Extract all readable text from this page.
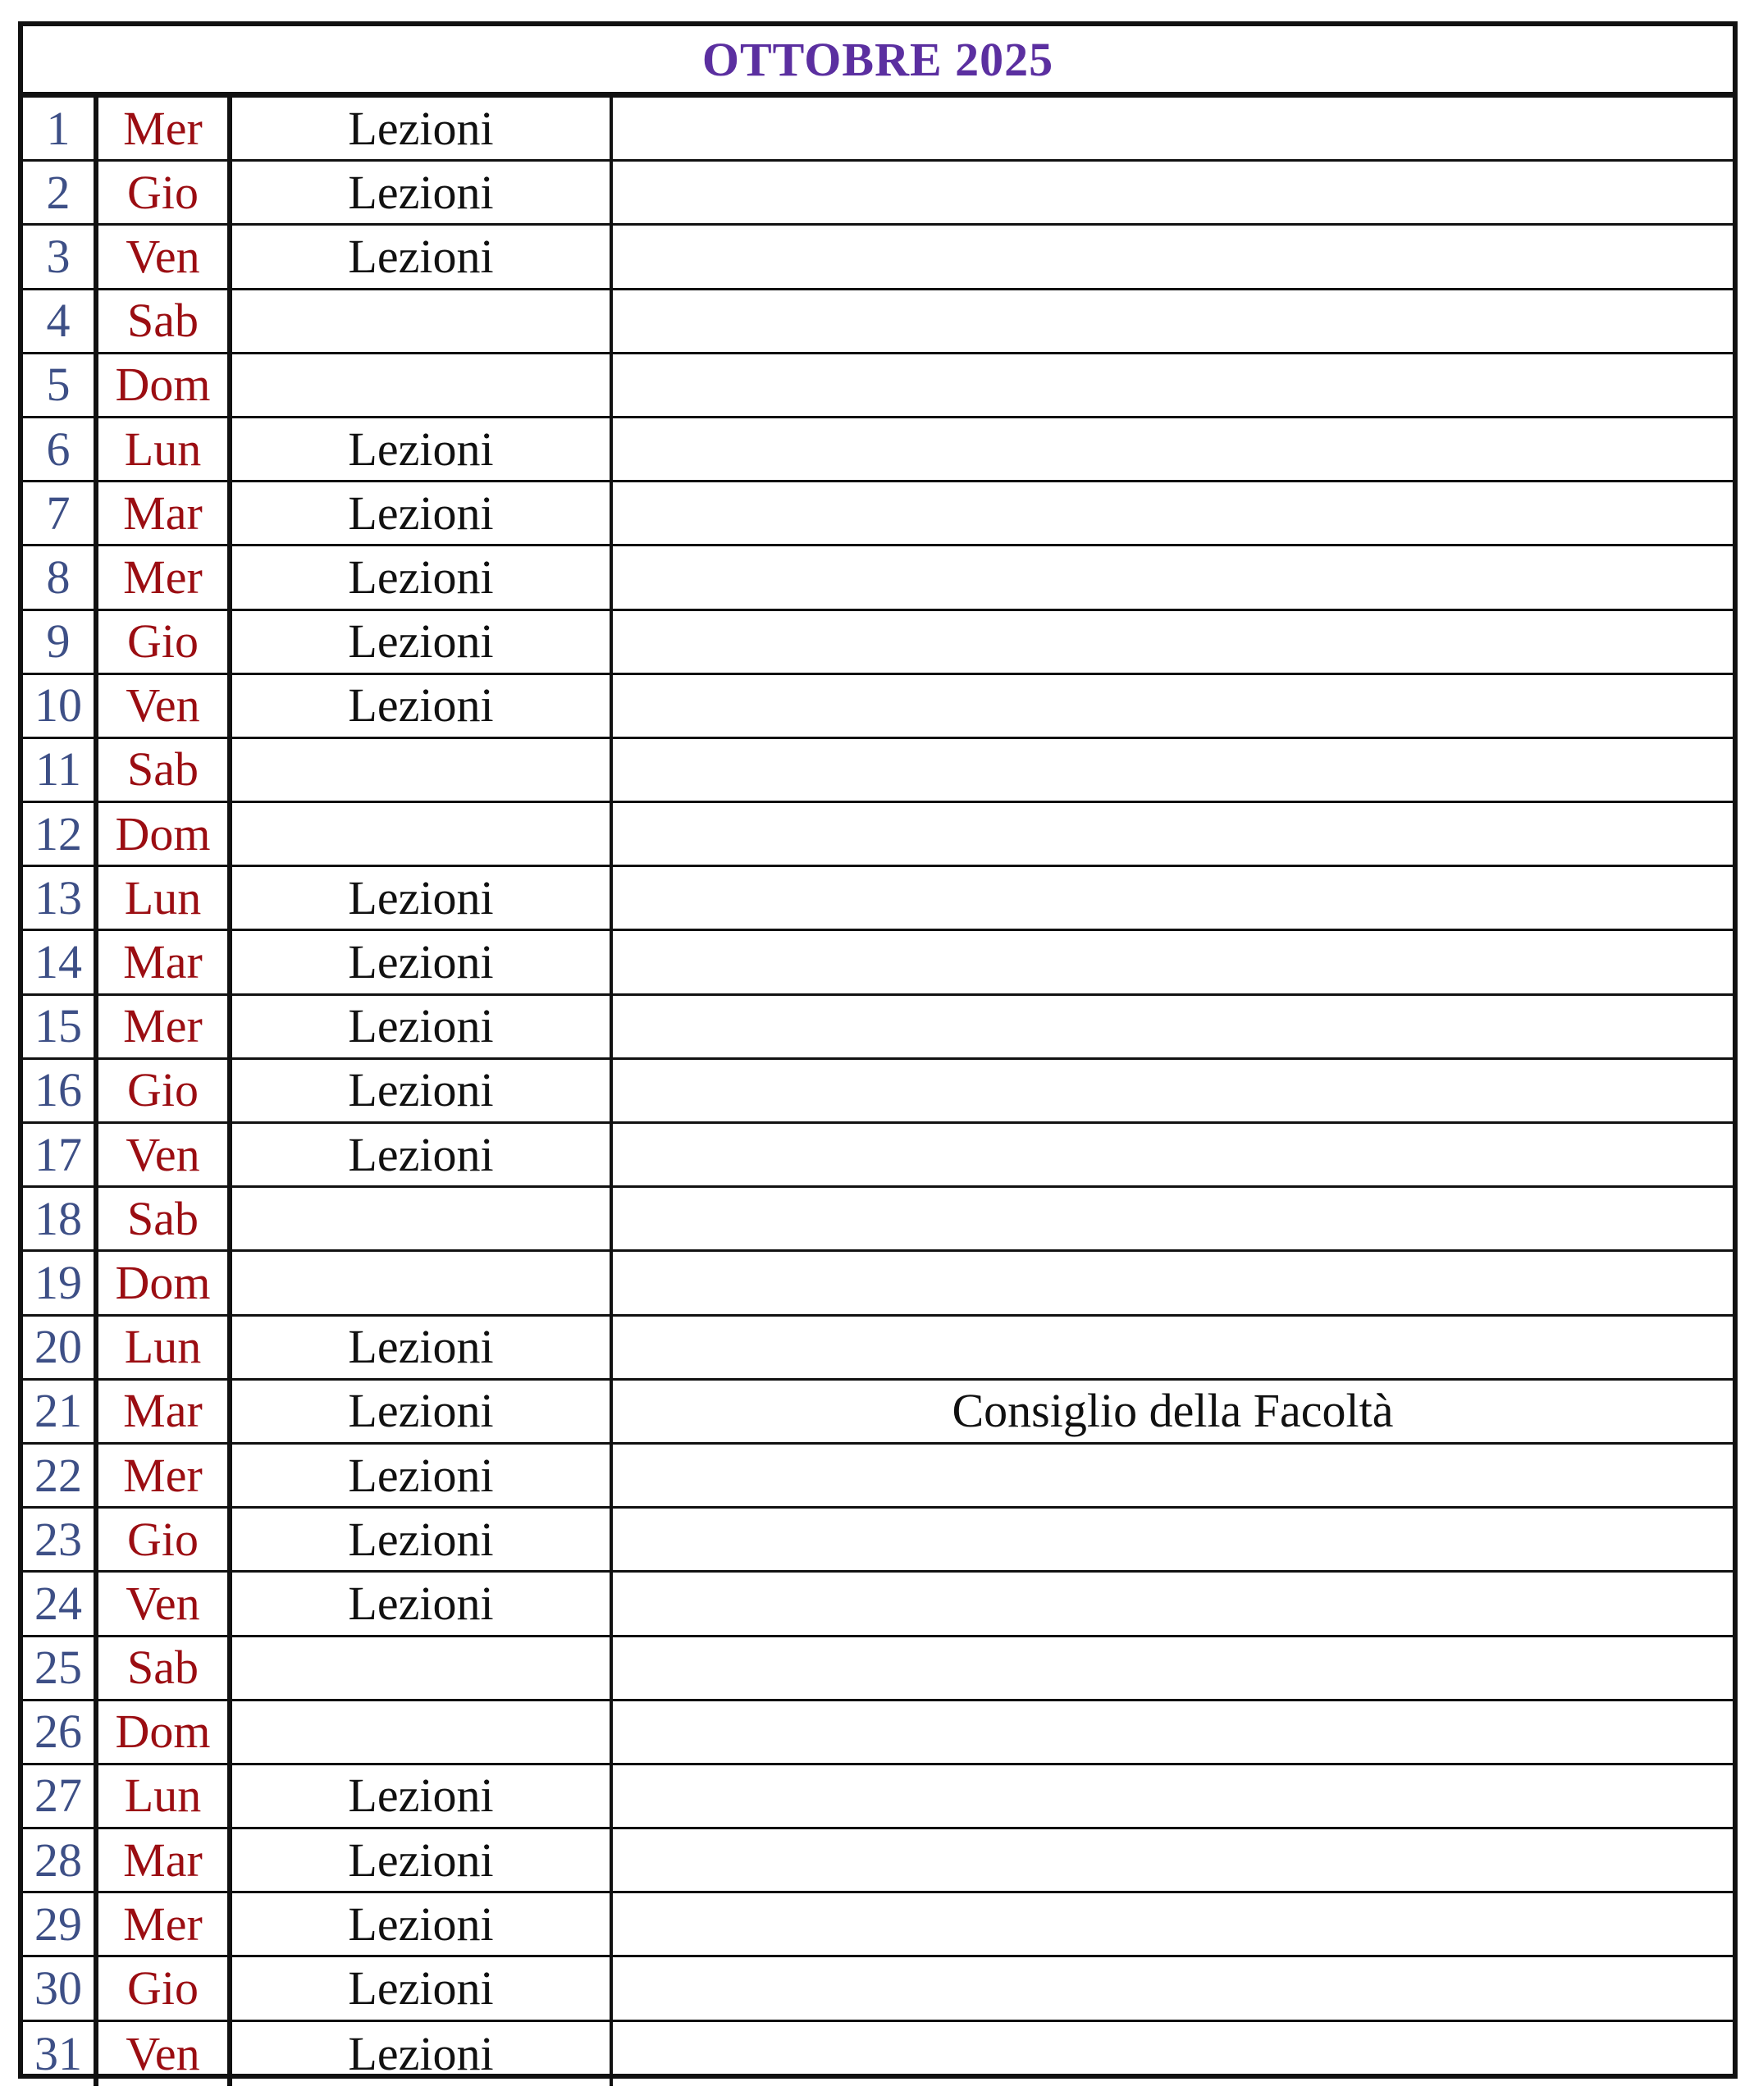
OTTOBRE 2025
1	Mer	Lezioni
2	Gio	Lezioni
3	Ven	Lezioni
4	Sab
5 Dom
6	Lun	Lezioni
7	Mar	Lezioni
8	Mer	Lezioni
9	Gio	Lezioni
10 Ven	Lezioni
11 Sab
12 Dom
13 Lun	Lezioni
14 Mar	Lezioni
15 Mer	Lezioni
16 Gio	Lezioni
17 Ven	Lezioni
18 Sab
19 Dom
20 Lun	Lezioni
21 Mar	Lezioni	Consiglio della Facoltà
22 Mer	Lezioni
23 Gio	Lezioni
24 Ven	Lezioni
25 Sab
26 Dom
27 Lun	Lezioni
28 Mar	Lezioni
29 Mer	Lezioni
30 Gio	Lezioni
31 Ven	Lezioni
